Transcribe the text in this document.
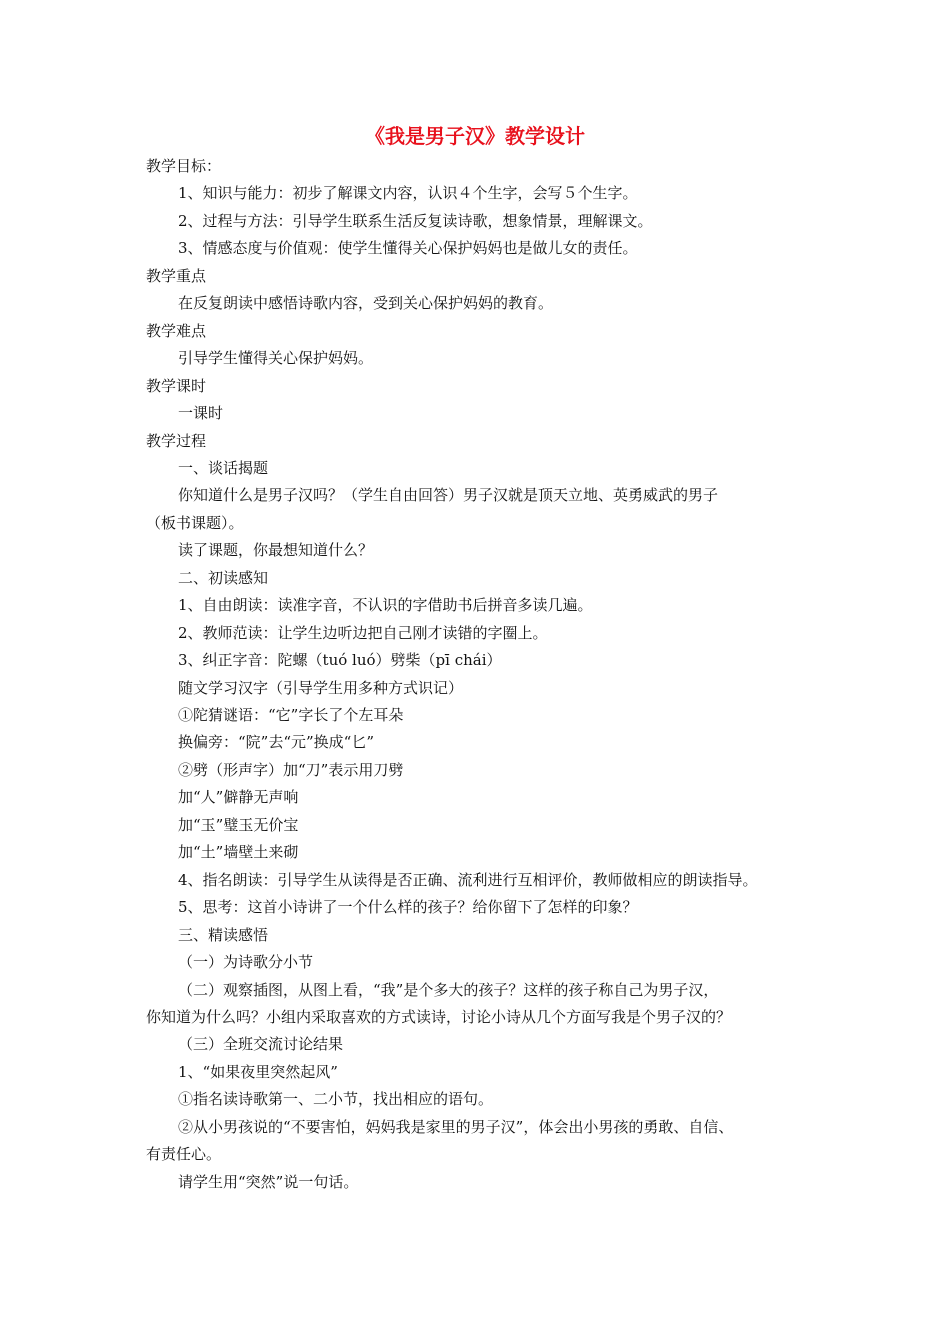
《我是男子汉》教学设计
教学目标：
1、知识与能力：初步了解课文内容，认识４个生字，会写５个生字。
2、过程与方法：引导学生联系生活反复读诗歌，想象情景，理解课文。
3、情感态度与价值观：使学生懂得关心保护妈妈也是做儿女的责任。
教学重点
在反复朗读中感悟诗歌内容，受到关心保护妈妈的教育。
教学难点
引导学生懂得关心保护妈妈。
教学课时
一课时
教学过程
一、谈话揭题
你知道什么是男子汉吗？（学生自由回答）男子汉就是顶天立地、英勇威武的男子
（板书课题）。
读了课题，你最想知道什么？
二、初读感知
1、自由朗读：读准字音，不认识的字借助书后拼音多读几遍。
2、教师范读：让学生边听边把自己刚才读错的字圈上。
3、纠正字音：陀螺（tuó luó）劈柴（pī chái）
随文学习汉字（引导学生用多种方式识记）
①陀猜谜语：“它”字长了个左耳朵
换偏旁：“院”去“元”换成“匕”
②劈（形声字）加“刀”表示用刀劈
加“人”僻静无声响
加“玉”璧玉无价宝
加“土”墙壁土来砌
4、指名朗读：引导学生从读得是否正确、流利进行互相评价，教师做相应的朗读指导。
5、思考：这首小诗讲了一个什么样的孩子？给你留下了怎样的印象？
三、精读感悟
（一）为诗歌分小节
（二）观察插图，从图上看，“我”是个多大的孩子？这样的孩子称自己为男子汉，
你知道为什么吗？小组内采取喜欢的方式读诗，讨论小诗从几个方面写我是个男子汉的？
（三）全班交流讨论结果
1、“如果夜里突然起风”
①指名读诗歌第一、二小节，找出相应的语句。
②从小男孩说的“不要害怕，妈妈我是家里的男子汉”，体会出小男孩的勇敢、自信、
有责任心。
请学生用“突然”说一句话。
